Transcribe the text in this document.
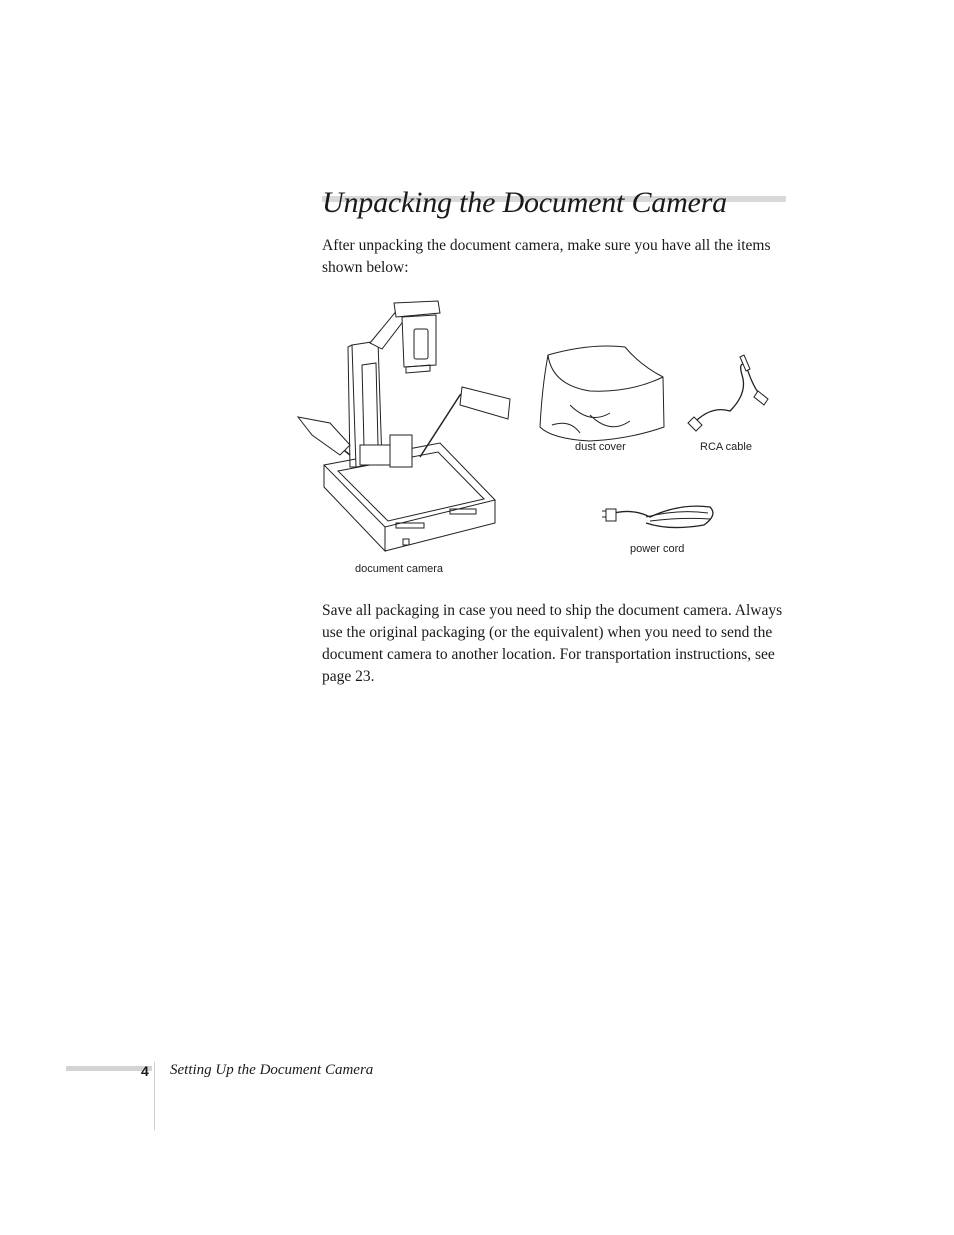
Unpacking the Document Camera

After unpacking the document camera, make sure you have all the items shown below:

document camera
dust cover	RCA cable
power cord

Save all packaging in case you need to ship the document camera. Always use the original packaging (or the equivalent) when you need to send the document camera to another location. For transportation instructions, see page 23.

4 Setting Up the Document Camera
